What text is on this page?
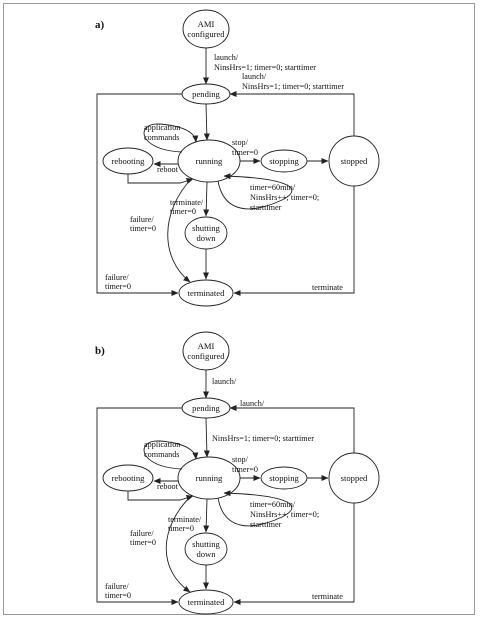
a)	AMI
configured
pending
running
rebooting	stopping	stopped
shutting
down
terminated
launch/
NinsHrs=1; timer=0; starttimer
launch/
NinsHrs=1; timer=0; starttimer
application
commands
reboot
stop/
timer=0
timer=60min/
NinsHrs++; timer=0;
starttimer
terminate/
timer=0
failure/
timer=0
failure/
timer=0	terminate
b)	AMI
configured
pending
running
rebooting	stopping	stopped
shutting
down
terminated
launch/
launch/
NinsHrs=1; timer=0; starttimer
application
commands
reboot
stop/
timer=0
timer=60min/
NinsHrs++; timer=0;
starttimer
terminate/
timer=0
failure/
timer=0
failure/
timer=0	terminate
